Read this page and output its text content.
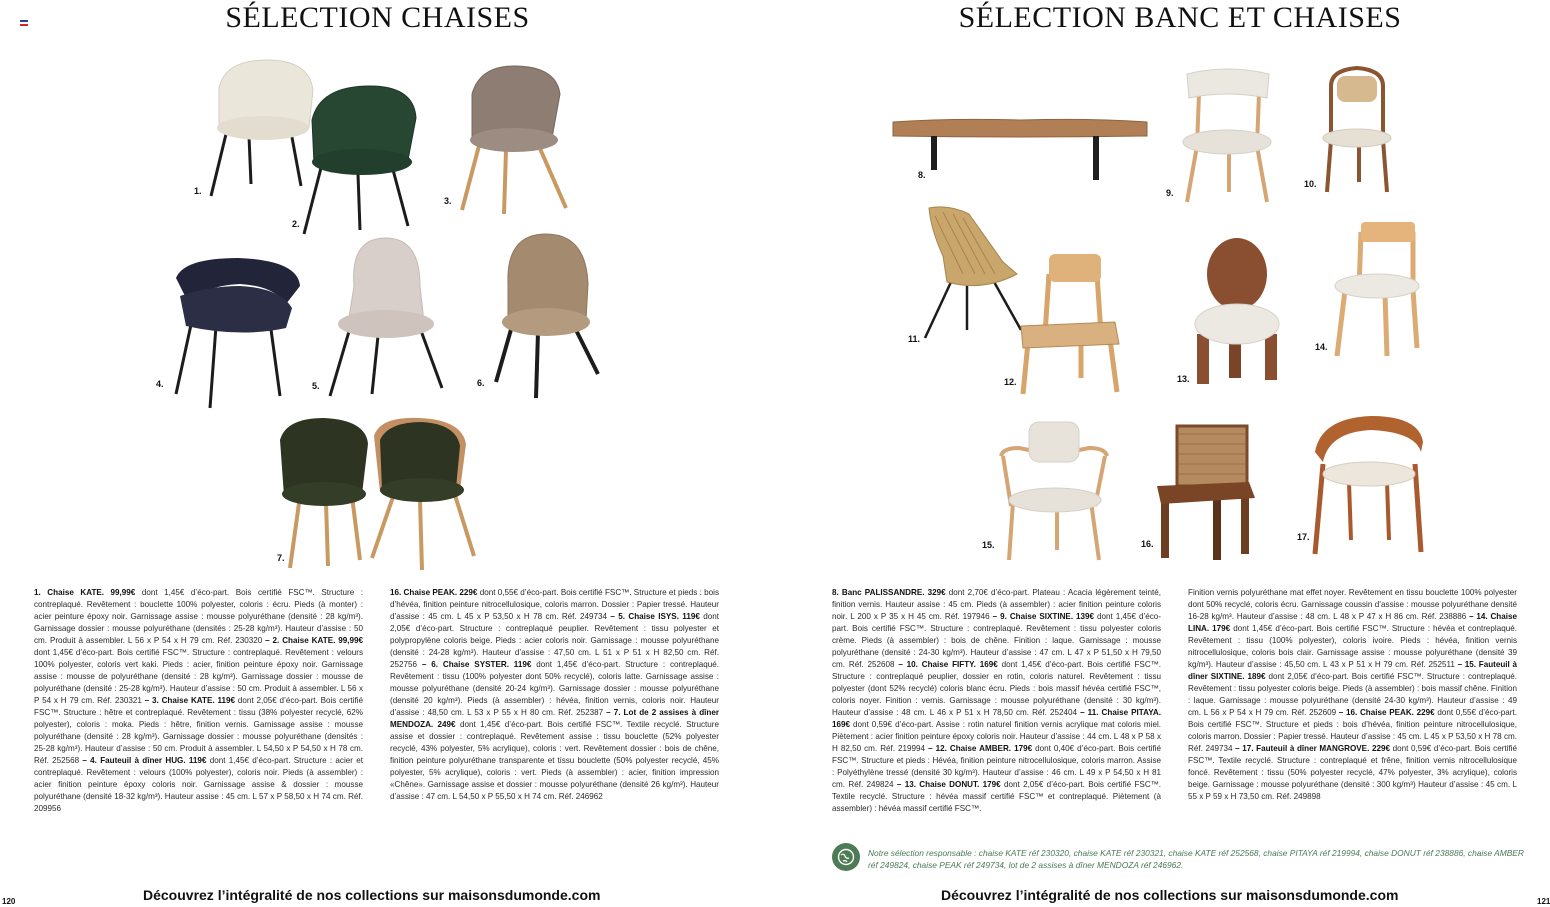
SÉLECTION CHAISES
1.
2.
3.
4.	5.	6.
7.
1. Chaise KATE. 99,99€ dont 1,45€ d’éco-part. Bois certifié FSC™. Structure : contreplaqué. Revêtement : bouclette 100% polyester, coloris : écru. Pieds (à monter) : acier peinture époxy noir. Garnissage assise : mousse polyuréthane (densité : 28 kg/m³). Garnissage dossier : mousse polyuréthane (densités : 25-28 kg/m³). Hauteur d’assise : 50 cm. Produit à assembler. L 56 x P 54 x H 79 cm. Réf. 230320 – 2. Chaise KATE. 99,99€ dont 1,45€ d’éco-part. Bois certifié FSC™. Structure : contreplaqué. Revêtement : velours 100% polyester, coloris vert kaki. Pieds : acier, finition peinture époxy noir. Garnissage assise : mousse de polyuréthane (densité : 28 kg/m³). Garnissage dossier : mousse de polyuréthane (densité : 25-28 kg/m³). Hauteur d’assise : 50 cm. Produit à assembler. L 56 x P 54 x H 79 cm. Réf. 230321 – 3. Chaise KATE. 119€ dont 2,05€ d’éco-part. Bois certifié FSC™. Structure : hêtre et contreplaqué. Revêtement : tissu (38% polyester recyclé, 62% polyester), coloris : moka. Pieds : hêtre, finition vernis. Garnissage assise : mousse polyuréthane (densité : 28 kg/m³). Garnissage dossier : mousse polyuréthane (densités : 25-28 kg/m³). Hauteur d’assise : 50 cm. Produit à assembler. L 54,50 x P 54,50 x H 78 cm. Réf. 252568 – 4. Fauteuil à dîner HUG. 119€ dont 1,45€ d’éco-part. Structure : acier et contreplaqué. Revêtement : velours (100% polyester), coloris noir. Pieds (à assembler) : acier finition peinture époxy coloris noir. Garnissage assise & dossier : mousse polyuréthane (densité 18-32 kg/m³). Hauteur assise : 45 cm. L 57 x P 58,50 x H 74 cm. Réf. 209956
16. Chaise PEAK. 229€ dont 0,55€ d’éco-part. Bois certifié FSC™. Structure et pieds : bois d’hévéa, finition peinture nitrocellulosique, coloris marron. Dossier : Papier tressé. Hauteur d’assise : 45 cm. L 45 x P 53,50 x H 78 cm. Réf. 249734 – 5. Chaise ISYS. 119€ dont 2,05€ d’éco-part. Structure : contreplaqué peuplier. Revêtement : tissu polyester et polypropylène coloris beige. Pieds : acier coloris noir. Garnissage : mousse polyuréthane (densité : 24-28 kg/m³). Hauteur d’assise : 47,50 cm. L 51 x P 51 x H 82,50 cm. Réf. 252756 – 6. Chaise SYSTER. 119€ dont 1,45€ d’éco-part. Structure : contreplaqué. Revêtement : tissu (100% polyester dont 50% recyclé), coloris latte. Garnissage assise : mousse polyuréthane (densité 20-24 kg/m³). Garnissage dossier : mousse polyuréthane (densité 20 kg/m³). Pieds (à assembler) : hévéa, finition vernis, coloris noir. Hauteur d’assise : 48,50 cm. L 53 x P 55 x H 80 cm. Réf. 252387 – 7. Lot de 2 assises à dîner MENDOZA. 249€ dont 1,45€ d’éco-part. Bois certifié FSC™. Textile recyclé. Structure assise et dossier : contreplaqué. Revêtement assise : tissu bouclette (52% polyester recyclé, 43% polyester, 5% acrylique), coloris : vert. Revêtement dossier : bois de chêne, finition peinture polyuréthane transparente et tissu bouclette (50% polyester recyclé, 45% polyester, 5% acrylique), coloris : vert. Pieds (à assembler) : acier, finition impression «Chêne». Garnissage assise et dossier : mousse polyuréthane (densité 26 kg/m³). Hauteur d’assise : 47 cm. L 54,50 x P 55,50 x H 74 cm. Réf. 246962
Découvrez l’intégralité de nos collections sur maisonsdumonde.com
120
SÉLECTION BANC ET CHAISES
8.
9.
10.
11.
12.	13.
14.
15.	16.
17.
8. Banc PALISSANDRE. 329€ dont 2,70€ d’éco-part. Plateau : Acacia légèrement teinté, finition vernis. Hauteur assise : 45 cm. Pieds (à assembler) : acier finition peinture coloris noir. L 200 x P 35 x H 45 cm. Réf. 197946 – 9. Chaise SIXTINE. 139€ dont 1,45€ d’éco-part. Bois certifié FSC™. Structure : contreplaqué. Revêtement : tissu polyester coloris crème. Pieds (à assembler) : bois de chêne. Finition : laque. Garnissage : mousse polyuréthane (densité : 24-30 kg/m³). Hauteur d’assise : 47 cm. L 47 x P 51,50 x H 79,50 cm. Réf. 252608 – 10. Chaise FIFTY. 169€ dont 1,45€ d’éco-part. Bois certifié FSC™. Structure : contreplaqué peuplier, dossier en rotin, coloris naturel. Revêtement : tissu polyester (dont 52% recyclé) coloris blanc écru. Pieds : bois massif hévéa certifié FSC™, coloris noyer. Finition : vernis. Garnissage : mousse polyuréthane (densité : 30 kg/m³). Hauteur d’assise : 48 cm. L 46 x P 51 x H 78,50 cm. Réf. 252404 – 11. Chaise PITAYA. 169€ dont 0,59€ d’éco-part. Assise : rotin naturel finition vernis acrylique mat coloris miel. Piètement : acier finition peinture époxy coloris noir. Hauteur d’assise : 44 cm. L 48 x P 58 x H 82,50 cm. Réf. 219994 – 12. Chaise AMBER. 179€ dont 0,40€ d’éco-part. Bois certifié FSC™. Structure et pieds : Hévéa, finition peinture nitrocellulosique, coloris marron. Assise : Polyéthylène tressé (densité 30 kg/m³). Hauteur d’assise : 46 cm. L 49 x P 54,50 x H 81 cm. Réf. 249824 – 13. Chaise DONUT. 179€ dont 2,05€ d’éco-part. Bois certifié FSC™. Textile recyclé. Structure : hévéa massif certifié FSC™ et contreplaqué. Piètement (à assembler) : hévéa massif certifié FSC™.
Finition vernis polyuréthane mat effet noyer. Revêtement en tissu bouclette 100% polyester dont 50% recyclé, coloris écru. Garnissage coussin d’assise : mousse polyuréthane densité 16-28 kg/m³. Hauteur d’assise : 48 cm. L 48 x P 47 x H 86 cm. Réf. 238886 – 14. Chaise LINA. 179€ dont 1,45€ d’éco-part. Bois certifié FSC™. Structure : hévéa et contreplaqué. Revêtement : tissu (100% polyester), coloris ivoire. Pieds : hévéa, finition vernis nitrocellulosique, coloris bois clair. Garnissage assise : mousse polyuréthane (densité 39 kg/m³). Hauteur d’assise : 45,50 cm. L 43 x P 51 x H 79 cm. Réf. 252511 – 15. Fauteuil à dîner SIXTINE. 189€ dont 2,05€ d’éco-part. Bois certifié FSC™. Structure : contreplaqué. Revêtement : tissu polyester coloris beige. Pieds (à assembler) : bois massif chêne. Finition : laque. Garnissage : mousse polyuréthane (densité 24-30 kg/m³). Hauteur d’assise : 49 cm. L 56 x P 54 x H 79 cm. Réf. 252609 – 16. Chaise PEAK. 229€ dont 0,55€ d’éco-part. Bois certifié FSC™. Structure et pieds : bois d’hévéa, finition peinture nitrocellulosique, coloris marron. Dossier : Papier tressé. Hauteur d’assise : 45 cm. L 45 x P 53,50 x H 78 cm. Réf. 249734 – 17. Fauteuil à dîner MANGROVE. 229€ dont 0,59€ d’éco-part. Bois certifié FSC™. Textile recyclé. Structure : contreplaqué et frêne, finition vernis nitrocellulosique foncé. Revêtement : tissu (50% polyester recyclé, 47% polyester, 3% acrylique), coloris beige. Garnissage : mousse polyuréthane (densité : 300 kg/m³) Hauteur d’assise : 45 cm. L 55 x P 59 x H 73,50 cm. Réf. 249898
Découvrez l’intégralité de nos collections sur maisonsdumonde.com	121
Notre sélection responsable : chaise KATE réf 230320, chaise KATE réf 230321, chaise KATE réf 252568, chaise PITAYA réf 219994, chaise DONUT réf 238886, chaise AMBER réf 249824, chaise PEAK réf 249734, lot de 2 assises à dîner MENDOZA réf 246962.
